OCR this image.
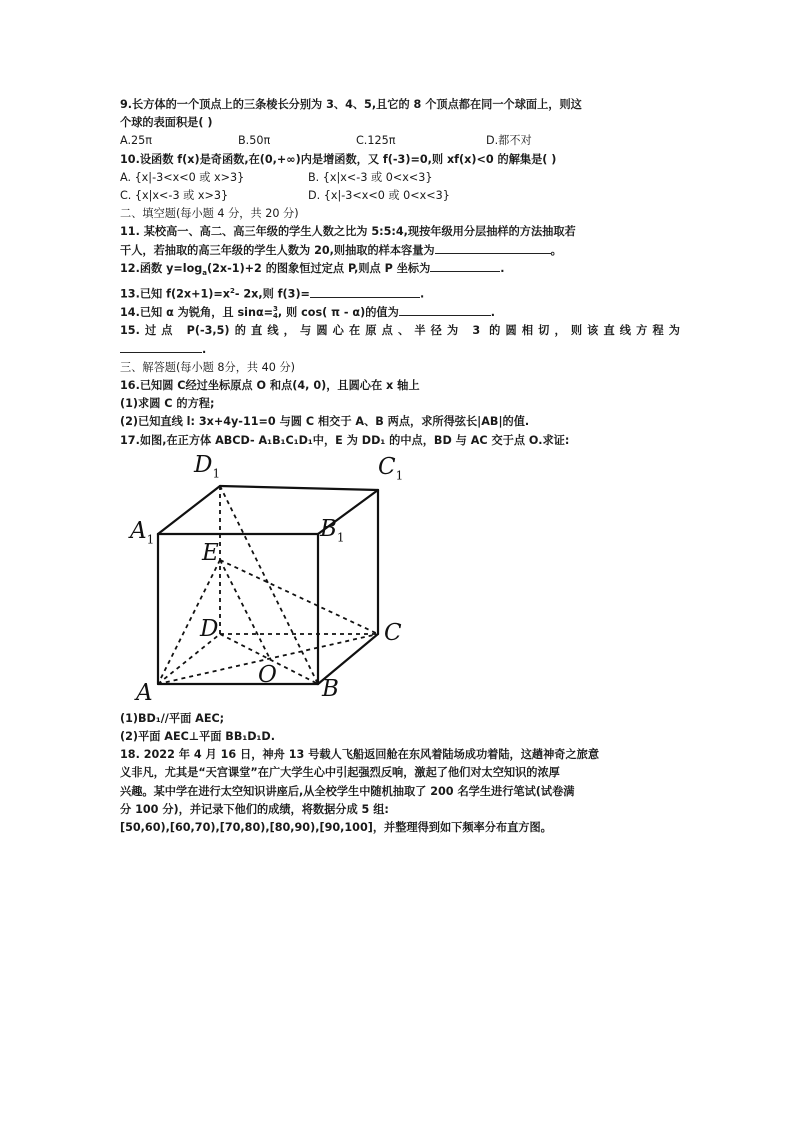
9.长方体的一个顶点上的三条棱长分别为 3、4、5,且它的 8 个顶点都在同一个球面上，则这

个球的表面积是( )

A.25π	B.50π	C.125π	D.都不对

10.设函数 f(x)是奇函数,在(0,+∞)内是增函数，又 f(-3)=0,则 xf(x)<0 的解集是( )

A. {x|-3<x<0 或 x>3}	B. {x|x<-3 或 0<x<3}
C. {x|x<-3 或 x>3}	D. {x|-3<x<0 或 0<x<3}

二、填空题(每小题 4 分，共 20 分)

11. 某校高一、高二、高三年级的学生人数之比为 5:5:4,现按年级用分层抽样的方法抽取若

干人，若抽取的高三年级的学生人数为 20,则抽取的样本容量为	。

12.函数 $y=\log_a(2x-1)+2$ 的图象恒过定点 P,则点 P 坐标为	.

13.已知 $f(2x+1)=x^2-$ 2x,则 f(3)=	.

14.已知 α 为锐角，且 sinα=3
4, 则 cos( π - α)的值为	.

15.过点 P(-3,5)的直线，与圆心在原点、半径为 3 的圆相切，则该直线方程为

.

三、解答题(每小题 8分，共 40 分)

16.已知圆 C经过坐标原点 O 和点(4, 0)，且圆心在 x 轴上

(1)求圆 C 的方程;

(2)已知直线 l: 3x+4y-11=0 与圆 C 相交于 A、B 两点，求所得弦长|AB|的值.

17.如图,在正方体 ABCD- A₁B₁C₁D₁中，E 为 DD₁ 的中点，BD 与 AC 交于点 O.求证:

$D_1$	$C_1$
$A_1$	$B_1$
E
D	C
O
A	B

(1)BD₁//平面 AEC;

(2)平面 AEC⊥平面 BB₁D₁D.

18. 2022 年 4 月 16 日，神舟 13 号载人飞船返回舱在东风着陆场成功着陆，这趟神奇之旅意

义非凡，尤其是“天宫课堂”在广大学生心中引起强烈反响，激起了他们对太空知识的浓厚

兴趣。某中学在进行太空知识讲座后,从全校学生中随机抽取了 200 名学生进行笔试(试卷满

分 100 分)，并记录下他们的成绩，将数据分成 5 组:

[50,60),[60,70),[70,80),[80,90),[90,100]，并整理得到如下频率分布直方图。
